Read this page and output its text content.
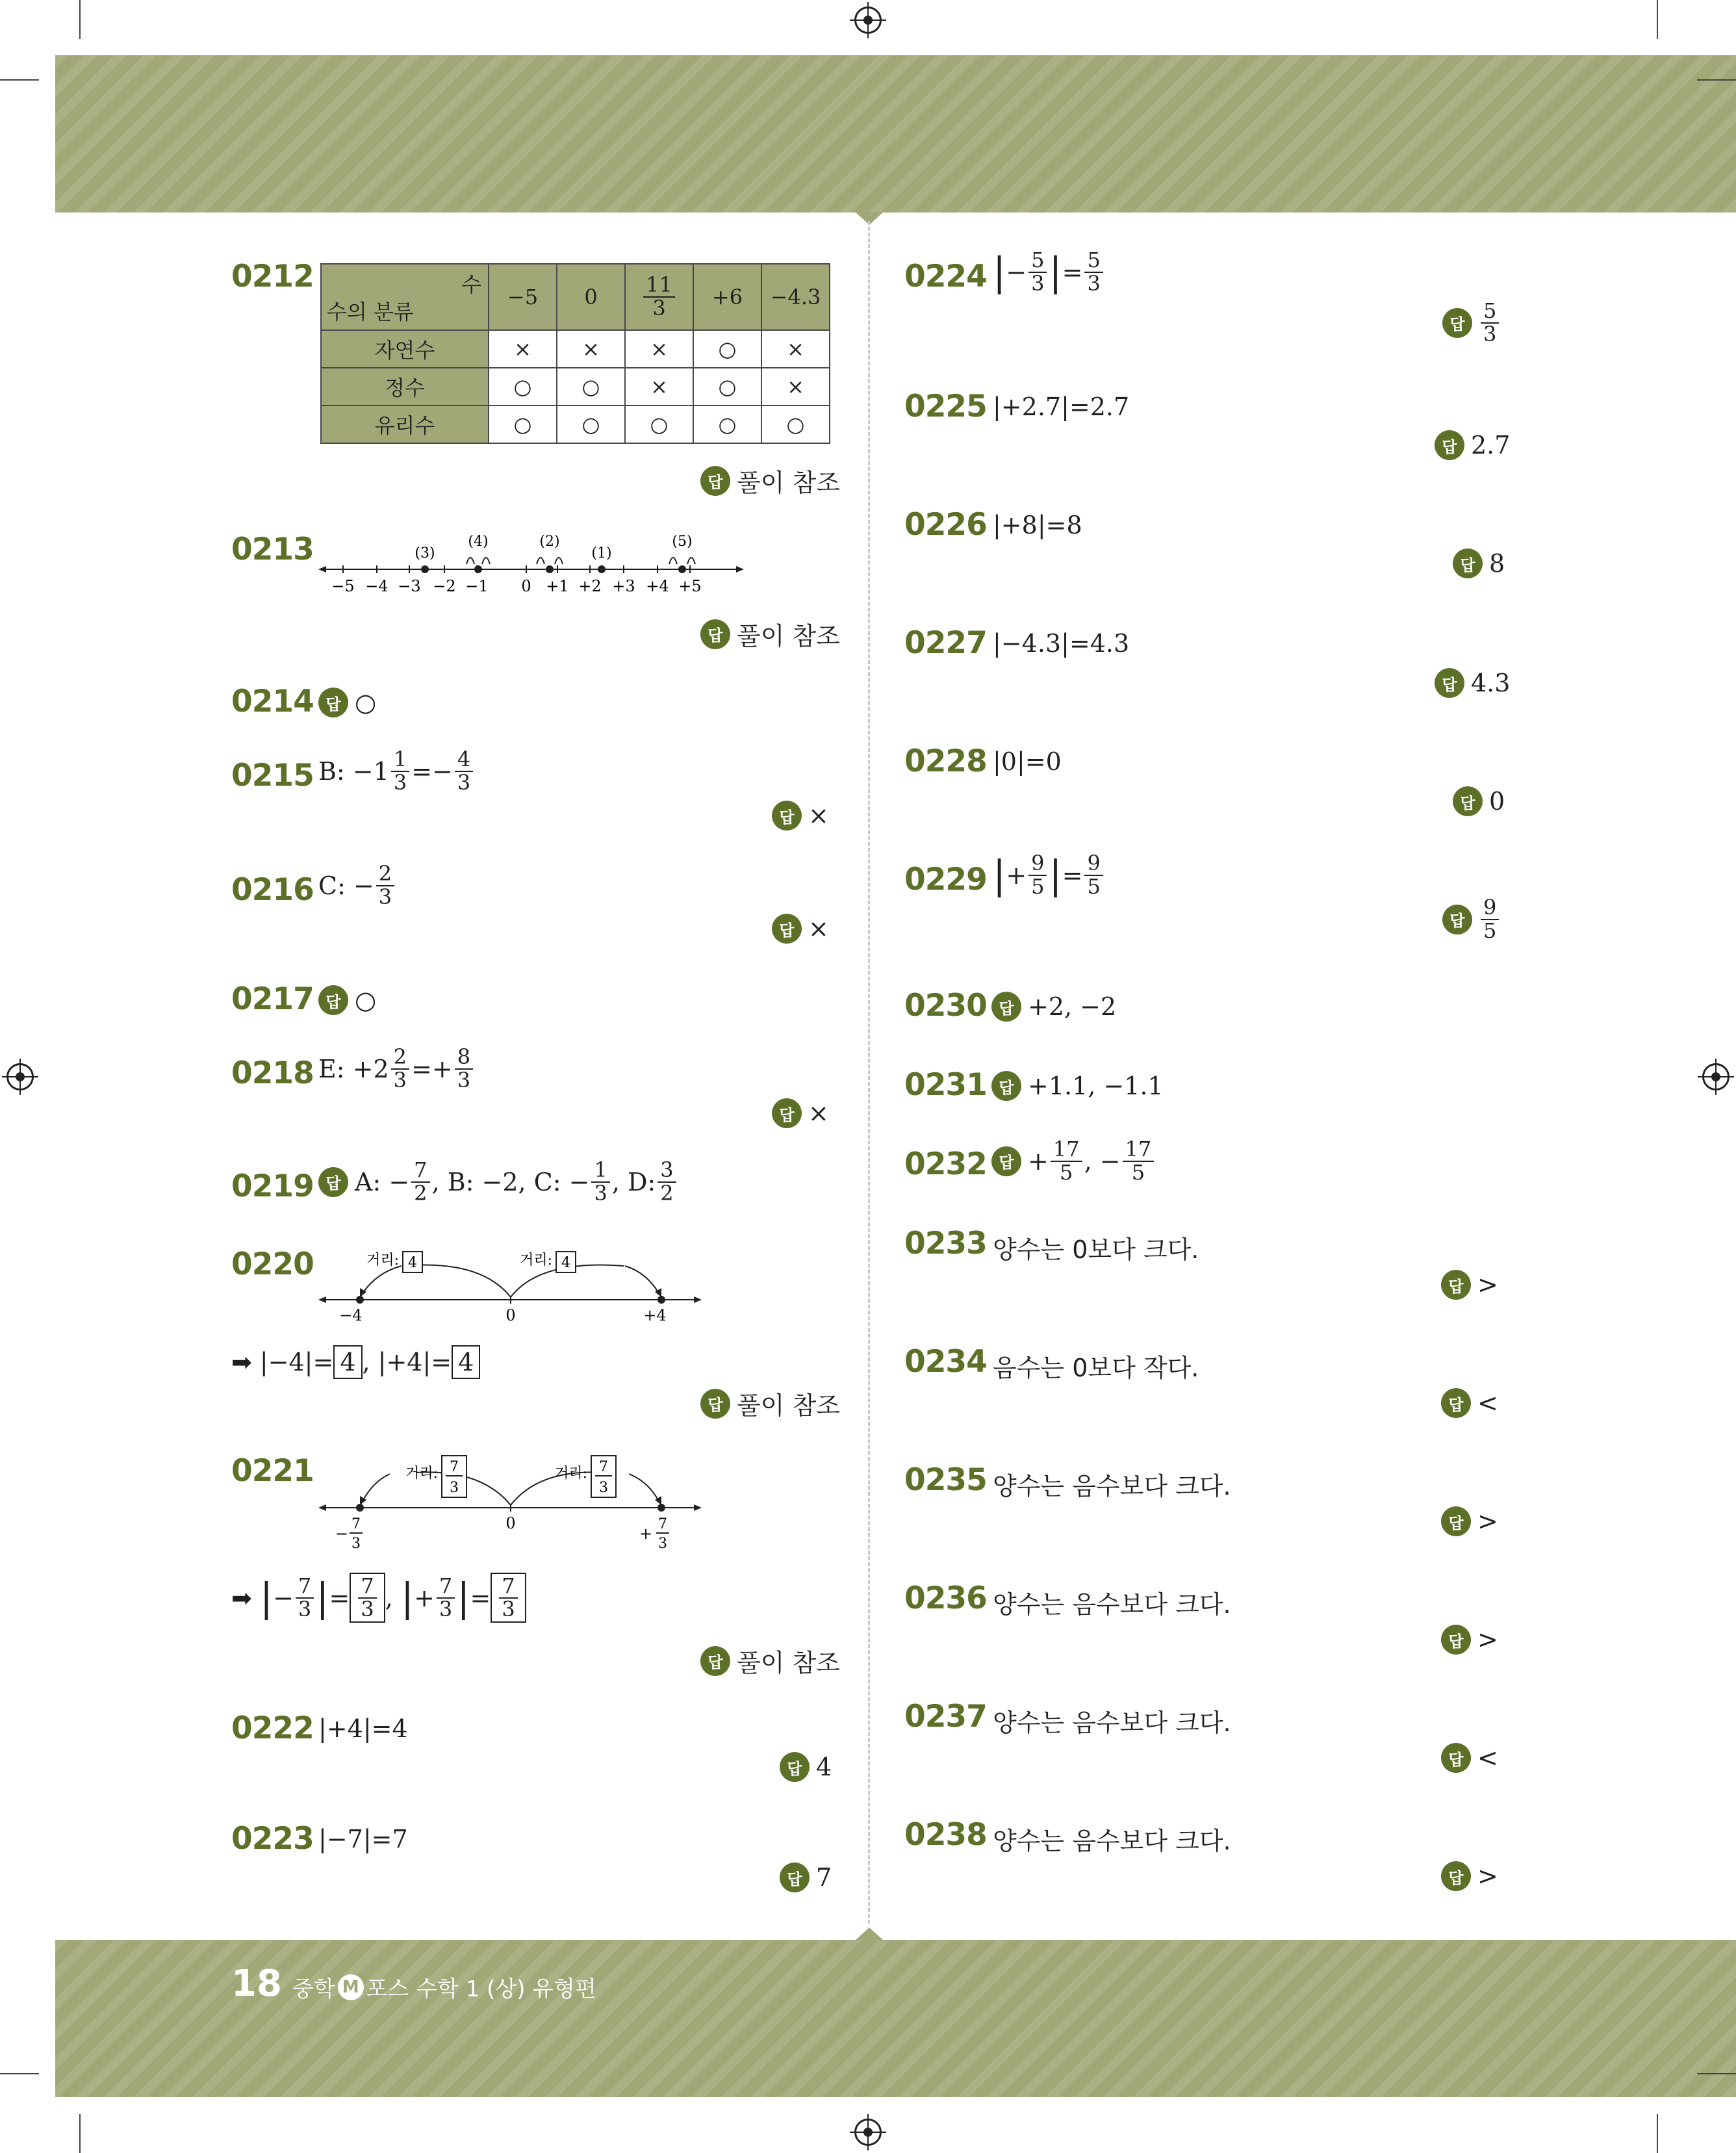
0212	수
수의 분류	−5	0	$\frac{11}{3}$	+6	−4.3
자연수	×	×	×	○	×
정수	○	○	×	○	×
유리수	○	○	○	○	○
답 풀이 참조
0213
−5 −4 −3 −2 −1 0 +1 +2 +3 +4 +5
(3)
(4)	(2)
(1)
(5)
답 풀이 참조
0214 답 ○
0215 B: $-1 \frac{1}{3} =- \frac{4}{3}$
답 ×
0216 C: − $\frac{2}{3}$
답 ×
0217 답 ○
0218 E: $+2 \frac{2}{3} =+ \frac{8}{3}$
답 ×
0219 답 A: − $\frac{7}{2}$ , B: −2, C: − $\frac{1}{3}$ , D: $\frac{3}{2}$
0220	거리: 4	거리: 4
−4	0	+4
➡ |−4|= 4 , |+4|= 4
답 풀이 참조
0221	거리: 7
3
거리: 7
3
−
7
3
0
+
7
3
➡ | − $\frac{7}{3}$ | = $\frac{7}{3}$ , | + $\frac{7}{3}$ | = $\frac{7}{3}$
답 풀이 참조
0222 |+4|=4
답 4
0223 |−7|=7
답 7
0224 | − $\frac{5}{3}$ | = $\frac{5}{3}$
답 $\frac{5}{3}$
0225 |+2.7|=2.7
답 2.7
0226 |+8|=8
답 8
0227 |−4.3|=4.3
답 4.3
0228 |0|=0
답 0
0229 | + $\frac{9}{5}$ | = $\frac{9}{5}$
답 $\frac{9}{5}$
0230 답 +2, −2
0231 답 +1.1, −1.1
0232 답 + $\frac{17}{5}$ , − $\frac{17}{5}$
0233 양수는 0보다 크다.
답 >
0234 음수는 0보다 작다.
답 <
0235 양수는 음수보다 크다.
답 >
0236 양수는 음수보다 크다.
답 >
0237 양수는 음수보다 크다.
답 <
0238 양수는 음수보다 크다.
답 >
18 중학 M 포스 수학 1 (상) 유형편
